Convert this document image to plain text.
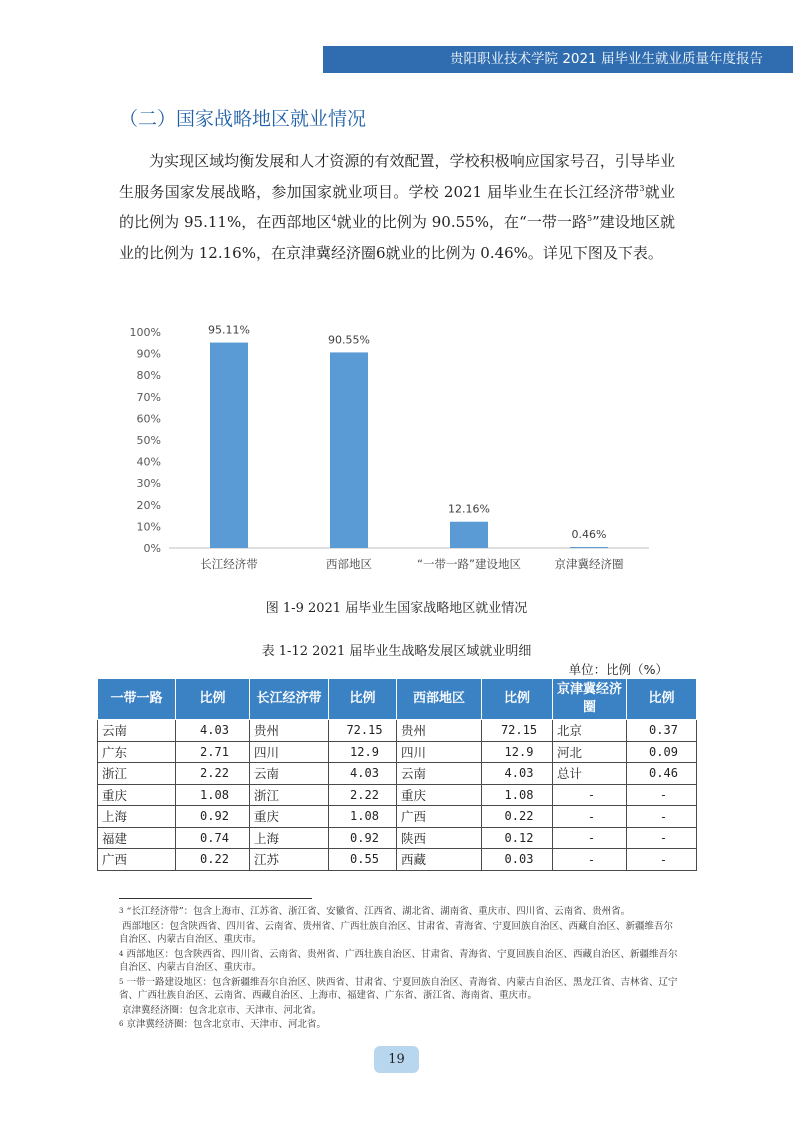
贵阳职业技术学院 2021 届毕业生就业质量年度报告
（二）国家战略地区就业情况

为实现区域均衡发展和人才资源的有效配置，学校积极响应国家号召，引导毕业生服务国家发展战略，参加国家就业项目。学校 2021 届毕业生在长江经济带$^3$就业的比例为 95.11%，在西部地区$^4$就业的比例为 90.55%，在“一带一路$^5$”建设地区就业的比例为 12.16%，在京津冀经济圈6就业的比例为 0.46%。详见下图及下表。

0%
10%
20%
30%
40%
50%
60%
70%
80%
90%
100%	95.11%
长江经济带
90.55%
西部地区
12.16%
“一带一路”建设地区
0.46%
京津冀经济圈
图 1-9 2021 届毕业生国家战略地区就业情况
表 1-12 2021 届毕业生战略发展区域就业明细
单位：比例（%）
一带一路	比例	长江经济带	比例	西部地区	比例	京津冀经济圈	比例
云南	4.03	贵州	72.15	贵州	72.15	北京	0.37
广东	2.71	四川	12.9	四川	12.9	河北	0.09
浙江	2.22	云南	4.03	云南	4.03	总计	0.46
重庆	1.08	浙江	2.22	重庆	1.08	-	-
上海	0.92	重庆	1.08	广西	0.22	-	-
福建	0.74	上海	0.92	陕西	0.12	-	-
广西	0.22	江苏	0.55	西藏	0.03	-	-
$^3$ “长江经济带”：包含上海市、江苏省、浙江省、安徽省、江西省、湖北省、湖南省、重庆市、四川省、云南省、贵州省。
西部地区：包含陕西省、四川省、云南省、贵州省、广西壮族自治区、甘肃省、青海省、宁夏回族自治区、西藏自治区、新疆维吾尔自治区、内蒙古自治区、重庆市。
$^4$ 西部地区：包含陕西省、四川省、云南省、贵州省、广西壮族自治区、甘肃省、青海省、宁夏回族自治区、西藏自治区、新疆维吾尔自治区、内蒙古自治区、重庆市。
$^5$ 一带一路建设地区：包含新疆维吾尔自治区、陕西省、甘肃省、宁夏回族自治区、青海省、内蒙古自治区、黑龙江省、吉林省、辽宁省、广西壮族自治区、云南省、西藏自治区、上海市、福建省、广东省、浙江省、海南省、重庆市。
京津冀经济圈：包含北京市、天津市、河北省。
$^6$ 京津冀经济圈：包含北京市、天津市、河北省。
19
